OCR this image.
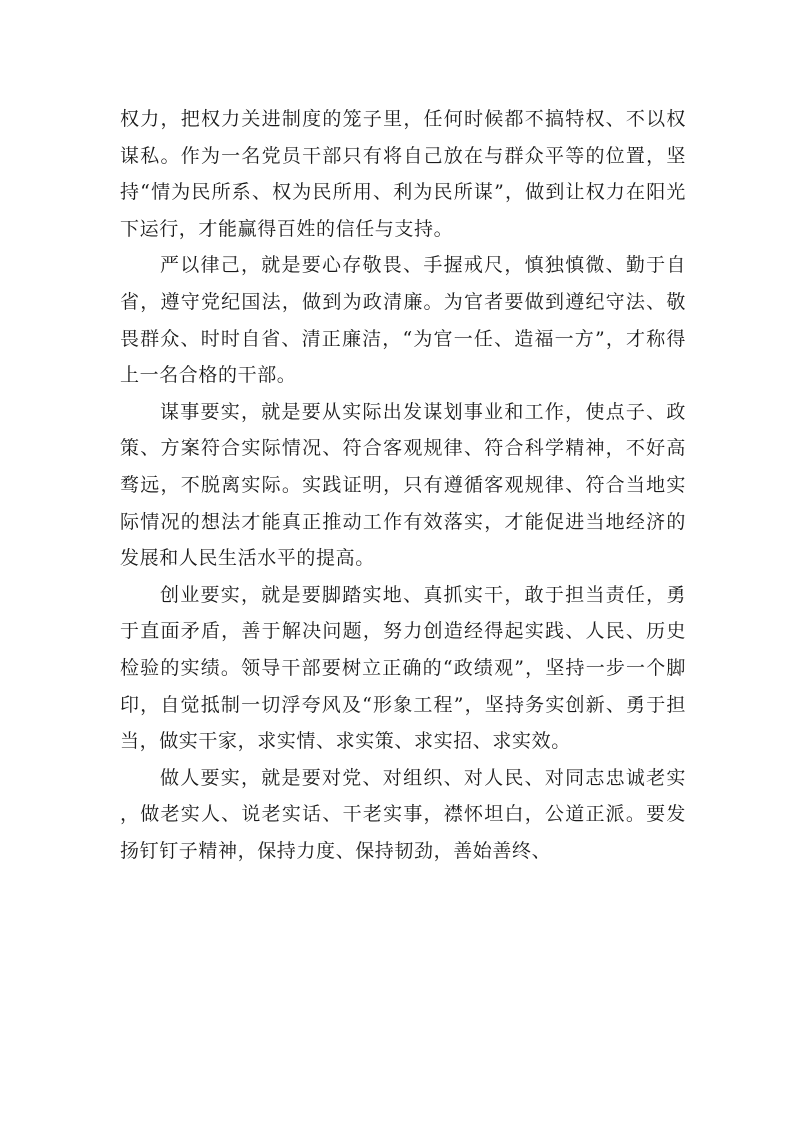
权力，把权力关进制度的笼子里，任何时候都不搞特权、不以权谋私。作为一名党员干部只有将自己放在与群众平等的位置，坚持“情为民所系、权为民所用、利为民所谋”，做到让权力在阳光下运行，才能赢得百姓的信任与支持。

严以律己，就是要心存敬畏、手握戒尺，慎独慎微、勤于自省，遵守党纪国法，做到为政清廉。为官者要做到遵纪守法、敬畏群众、时时自省、清正廉洁，“为官一任、造福一方”，才称得上一名合格的干部。

谋事要实，就是要从实际出发谋划事业和工作，使点子、政策、方案符合实际情况、符合客观规律、符合科学精神，不好高骛远，不脱离实际。实践证明，只有遵循客观规律、符合当地实际情况的想法才能真正推动工作有效落实，才能促进当地经济的发展和人民生活水平的提高。

创业要实，就是要脚踏实地、真抓实干，敢于担当责任，勇于直面矛盾，善于解决问题，努力创造经得起实践、人民、历史检验的实绩。领导干部要树立正确的“政绩观”，坚持一步一个脚印，自觉抵制一切浮夸风及“形象工程”，坚持务实创新、勇于担当，做实干家，求实情、求实策、求实招、求实效。

做人要实，就是要对党、对组织、对人民、对同志忠诚老实，做老实人、说老实话、干老实事，襟怀坦白，公道正派。要发扬钉钉子精神，保持力度、保持韧劲，善始善终、
